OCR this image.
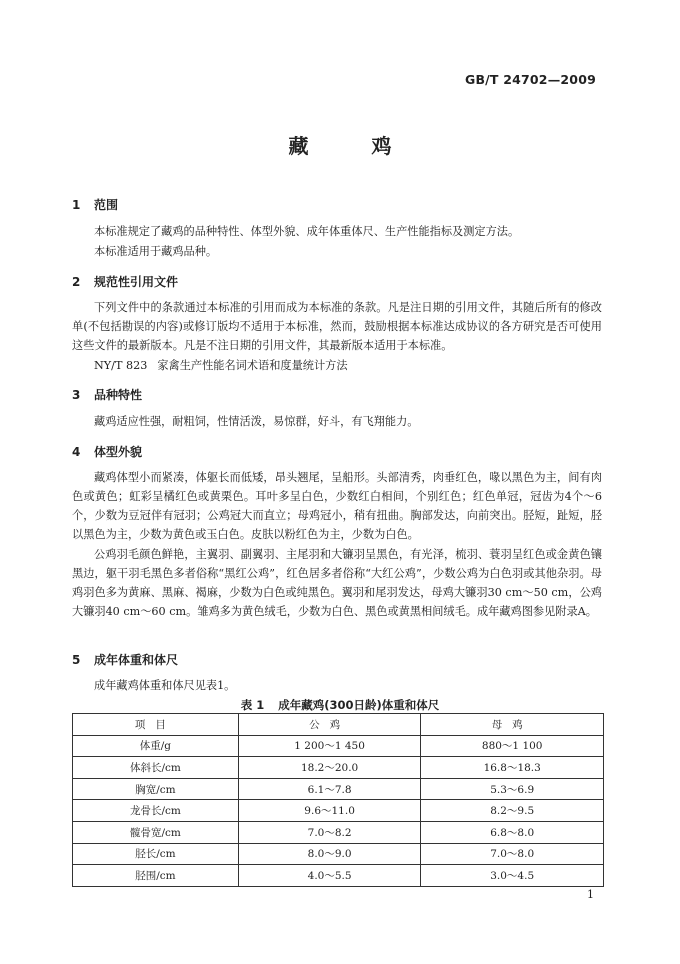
GB/T 24702—2009
藏 鸡
1 范围
本标准规定了藏鸡的品种特性、体型外貌、成年体重体尺、生产性能指标及测定方法。
本标准适用于藏鸡品种。
2 规范性引用文件
下列文件中的条款通过本标准的引用而成为本标准的条款。凡是注日期的引用文件，其随后所有的修改单(不包括勘误的内容)或修订版均不适用于本标准，然而，鼓励根据本标准达成协议的各方研究是否可使用这些文件的最新版本。凡是不注日期的引用文件，其最新版本适用于本标准。
NY/T 823 家禽生产性能名词术语和度量统计方法
3 品种特性
藏鸡适应性强，耐粗饲，性情活泼，易惊群，好斗，有飞翔能力。
4 体型外貌
藏鸡体型小而紧凑，体躯长而低矮，昂头翘尾，呈船形。头部清秀，肉垂红色，喙以黑色为主，间有肉色或黄色；虹彩呈橘红色或黄栗色。耳叶多呈白色，少数红白相间，个别红色；红色单冠，冠齿为4个～6个，少数为豆冠伴有冠羽；公鸡冠大而直立；母鸡冠小，稍有扭曲。胸部发达，向前突出。胫短，趾短，胫以黑色为主，少数为黄色或玉白色。皮肤以粉红色为主，少数为白色。
公鸡羽毛颜色鲜艳，主翼羽、副翼羽、主尾羽和大镰羽呈黑色，有光泽，梳羽、蓑羽呈红色或金黄色镶黑边，躯干羽毛黑色多者俗称“黑红公鸡”，红色居多者俗称“大红公鸡”，少数公鸡为白色羽或其他杂羽。母鸡羽色多为黄麻、黑麻、褐麻，少数为白色或纯黑色。翼羽和尾羽发达，母鸡大镰羽30 cm～50 cm，公鸡大镰羽40 cm～60 cm。雏鸡多为黄色绒毛，少数为白色、黑色或黄黑相间绒毛。成年藏鸡图参见附录A。
5 成年体重和体尺
成年藏鸡体重和体尺见表1。
表 1 成年藏鸡(300日龄)体重和体尺
项目	公鸡	母鸡
体重/g	1 200～1 450	880～1 100
体斜长/cm	18.2～20.0	16.8～18.3
胸宽/cm	6.1～7.8	5.3～6.9
龙骨长/cm	9.6～11.0	8.2～9.5
髋骨宽/cm	7.0～8.2	6.8～8.0
胫长/cm	8.0～9.0	7.0～8.0
胫围/cm	4.0～5.5	3.0～4.5
1
